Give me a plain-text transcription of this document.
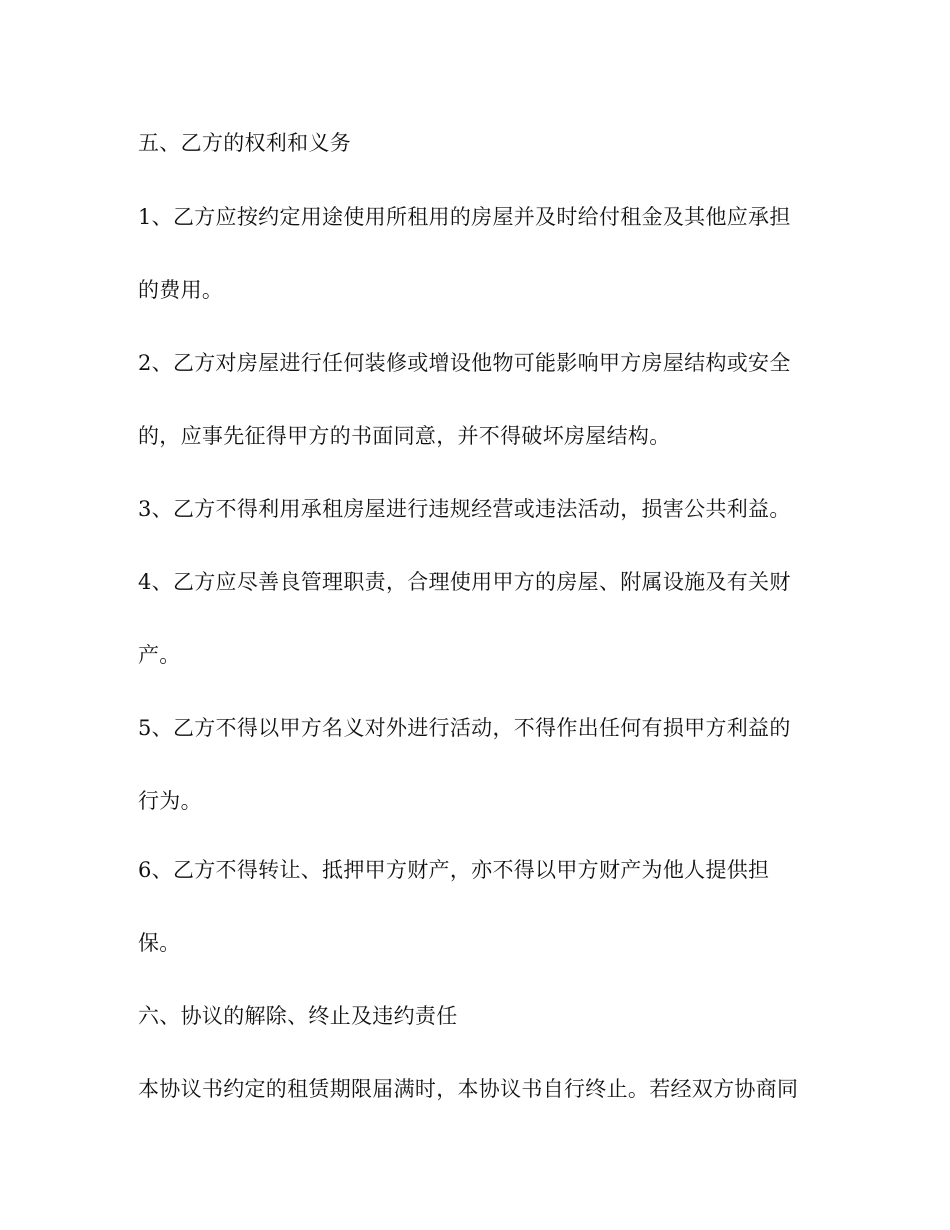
五、乙方的权利和义务
1、乙方应按约定用途使用所租用的房屋并及时给付租金及其他应承担
的费用。
2、乙方对房屋进行任何装修或增设他物可能影响甲方房屋结构或安全
的，应事先征得甲方的书面同意，并不得破坏房屋结构。
3、乙方不得利用承租房屋进行违规经营或违法活动，损害公共利益。
4、乙方应尽善良管理职责，合理使用甲方的房屋、附属设施及有关财
产。
5、乙方不得以甲方名义对外进行活动，不得作出任何有损甲方利益的
行为。
6、乙方不得转让、抵押甲方财产，亦不得以甲方财产为他人提供担
保。
六、协议的解除、终止及违约责任
本协议书约定的租赁期限届满时，本协议书自行终止。若经双方协商同
